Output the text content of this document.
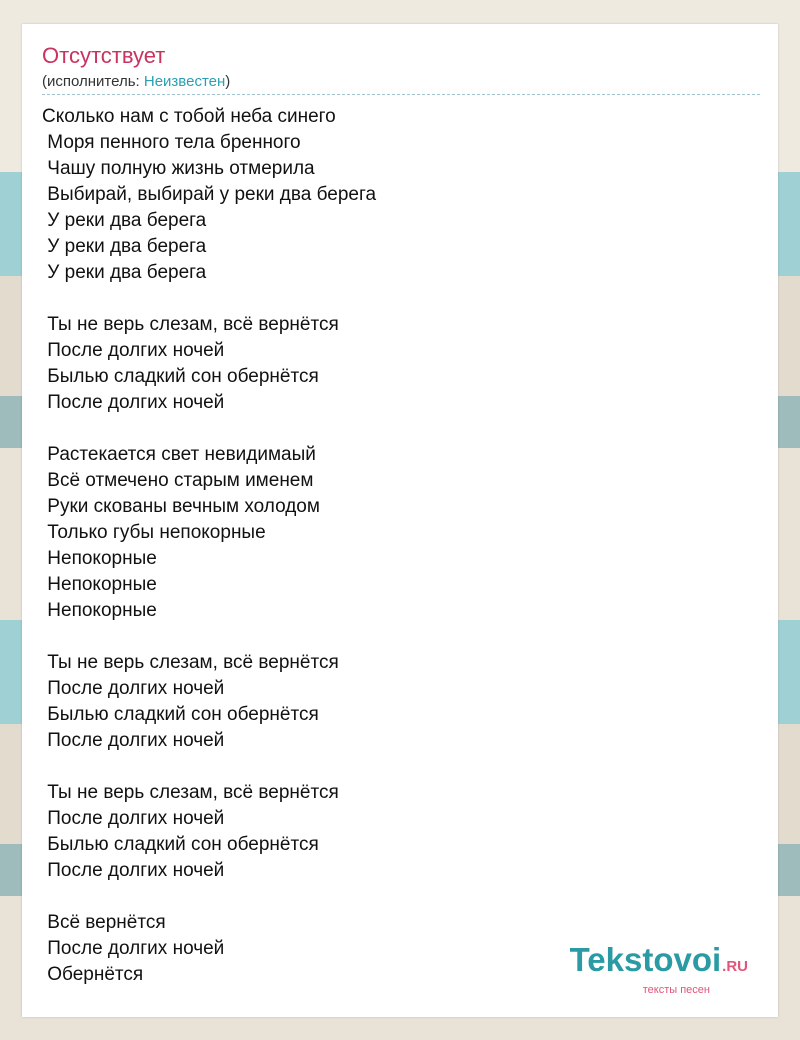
Отсутствует
(исполнитель: Неизвестен)
Сколько нам с тобой неба синего
Моря пенного тела бренного
Чашу полную жизнь отмерила
Выбирай, выбирай у реки два берега
У реки два берега
У реки два берега
У реки два берега

Ты не верь слезам, всё вернётся
После долгих ночей
Былью сладкий сон обернётся
После долгих ночей

Растекается свет невидимаый
Всё отмечено старым именем
Руки скованы вечным холодом
Только губы непокорные
Непокорные
Непокорные
Непокорные

Ты не верь слезам, всё вернётся
После долгих ночей
Былью сладкий сон обернётся
После долгих ночей

Ты не верь слезам, всё вернётся
После долгих ночей
Былью сладкий сон обернётся
После долгих ночей

Всё вернётся
После долгих ночей
Обернётся	Tekstovoi.RU
тексты песен
